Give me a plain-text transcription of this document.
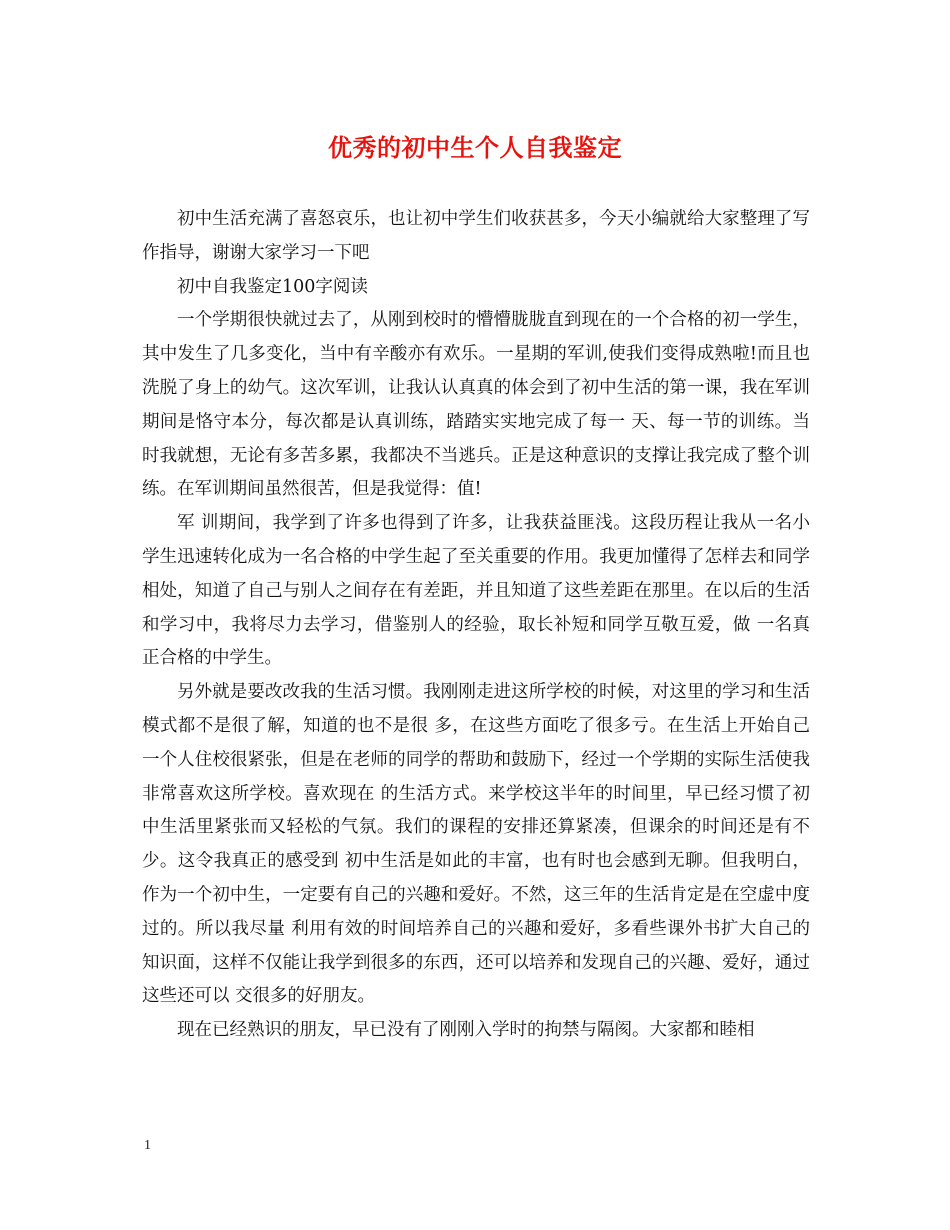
优秀的初中生个人自我鉴定

初中生活充满了喜怒哀乐，也让初中学生们收获甚多，今天小编就给大家整理了写作指导，谢谢大家学习一下吧

初中自我鉴定100字阅读

一个学期很快就过去了，从刚到校时的懵懵胧胧直到现在的一个合格的初一学生，其中发生了几多变化，当中有辛酸亦有欢乐。一星期的军训,使我们变得成熟啦!而且也洗脱了身上的幼气。这次军训，让我认认真真的体会到了初中生活的第一课，我在军训期间是恪守本分，每次都是认真训练，踏踏实实地完成了每一 天、每一节的训练。当时我就想，无论有多苦多累，我都决不当逃兵。正是这种意识的支撑让我完成了整个训练。在军训期间虽然很苦，但是我觉得：值!

军 训期间，我学到了许多也得到了许多，让我获益匪浅。这段历程让我从一名小学生迅速转化成为一名合格的中学生起了至关重要的作用。我更加懂得了怎样去和同学 相处，知道了自己与别人之间存在有差距，并且知道了这些差距在那里。在以后的生活和学习中，我将尽力去学习，借鉴别人的经验，取长补短和同学互敬互爱，做 一名真正合格的中学生。

另外就是要改改我的生活习惯。我刚刚走进这所学校的时候，对这里的学习和生活模式都不是很了解，知道的也不是很 多，在这些方面吃了很多亏。在生活上开始自己一个人住校很紧张，但是在老师的同学的帮助和鼓励下，经过一个学期的实际生活使我非常喜欢这所学校。喜欢现在 的生活方式。来学校这半年的时间里，早已经习惯了初中生活里紧张而又轻松的气氛。我们的课程的安排还算紧凑，但课余的时间还是有不少。这令我真正的感受到 初中生活是如此的丰富，也有时也会感到无聊。但我明白，作为一个初中生，一定要有自己的兴趣和爱好。不然，这三年的生活肯定是在空虚中度过的。所以我尽量 利用有效的时间培养自己的兴趣和爱好，多看些课外书扩大自己的知识面，这样不仅能让我学到很多的东西，还可以培养和发现自己的兴趣、爱好，通过这些还可以 交很多的好朋友。

现在已经熟识的朋友，早已没有了刚刚入学时的拘禁与隔阂。大家都和睦相

1
